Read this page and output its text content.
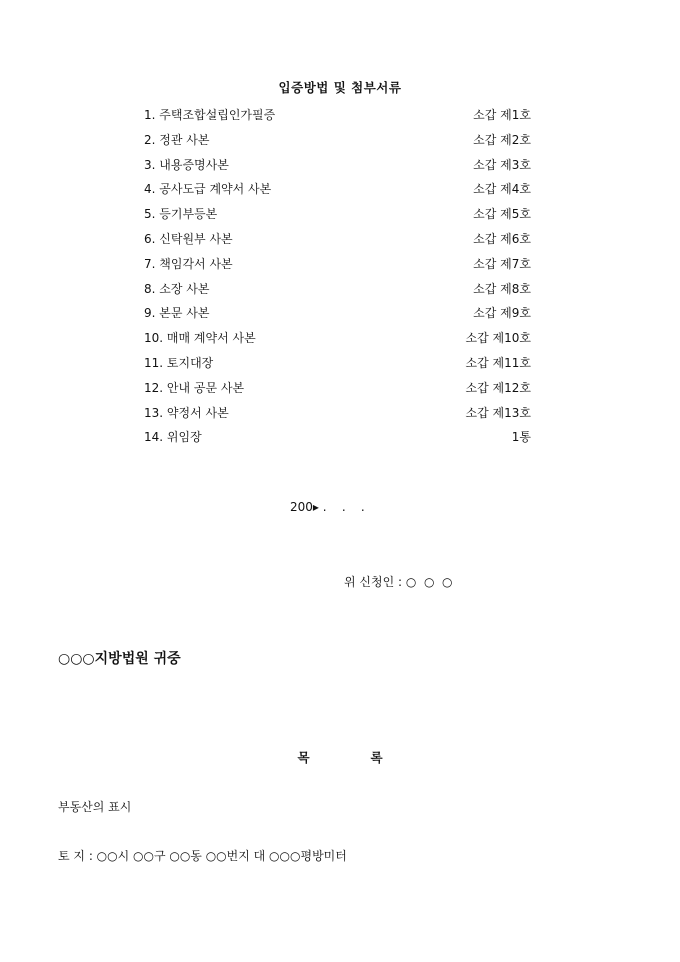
입증방법 및 첨부서류
1. 주택조합설립인가필증	소갑 제1호
2. 정관 사본	소갑 제2호
3. 내용증명사본	소갑 제3호
4. 공사도급 계약서 사본	소갑 제4호
5. 등기부등본	소갑 제5호
6. 신탁원부 사본	소갑 제6호
7. 책임각서 사본	소갑 제7호
8. 소장 사본	소갑 제8호
9. 본문 사본	소갑 제9호
10. 매매 계약서 사본	소갑 제10호
11. 토지대장	소갑 제11호
12. 안내 공문 사본	소갑 제12호
13. 약정서 사본	소갑 제13호
14. 위임장	1통
200▸ .    .    .
위 신청인 : ○  ○  ○
○○○지방법원 귀중
목              록
부동산의 표시
토 지 : ○○시 ○○구 ○○동 ○○번지 대 ○○○평방미터
